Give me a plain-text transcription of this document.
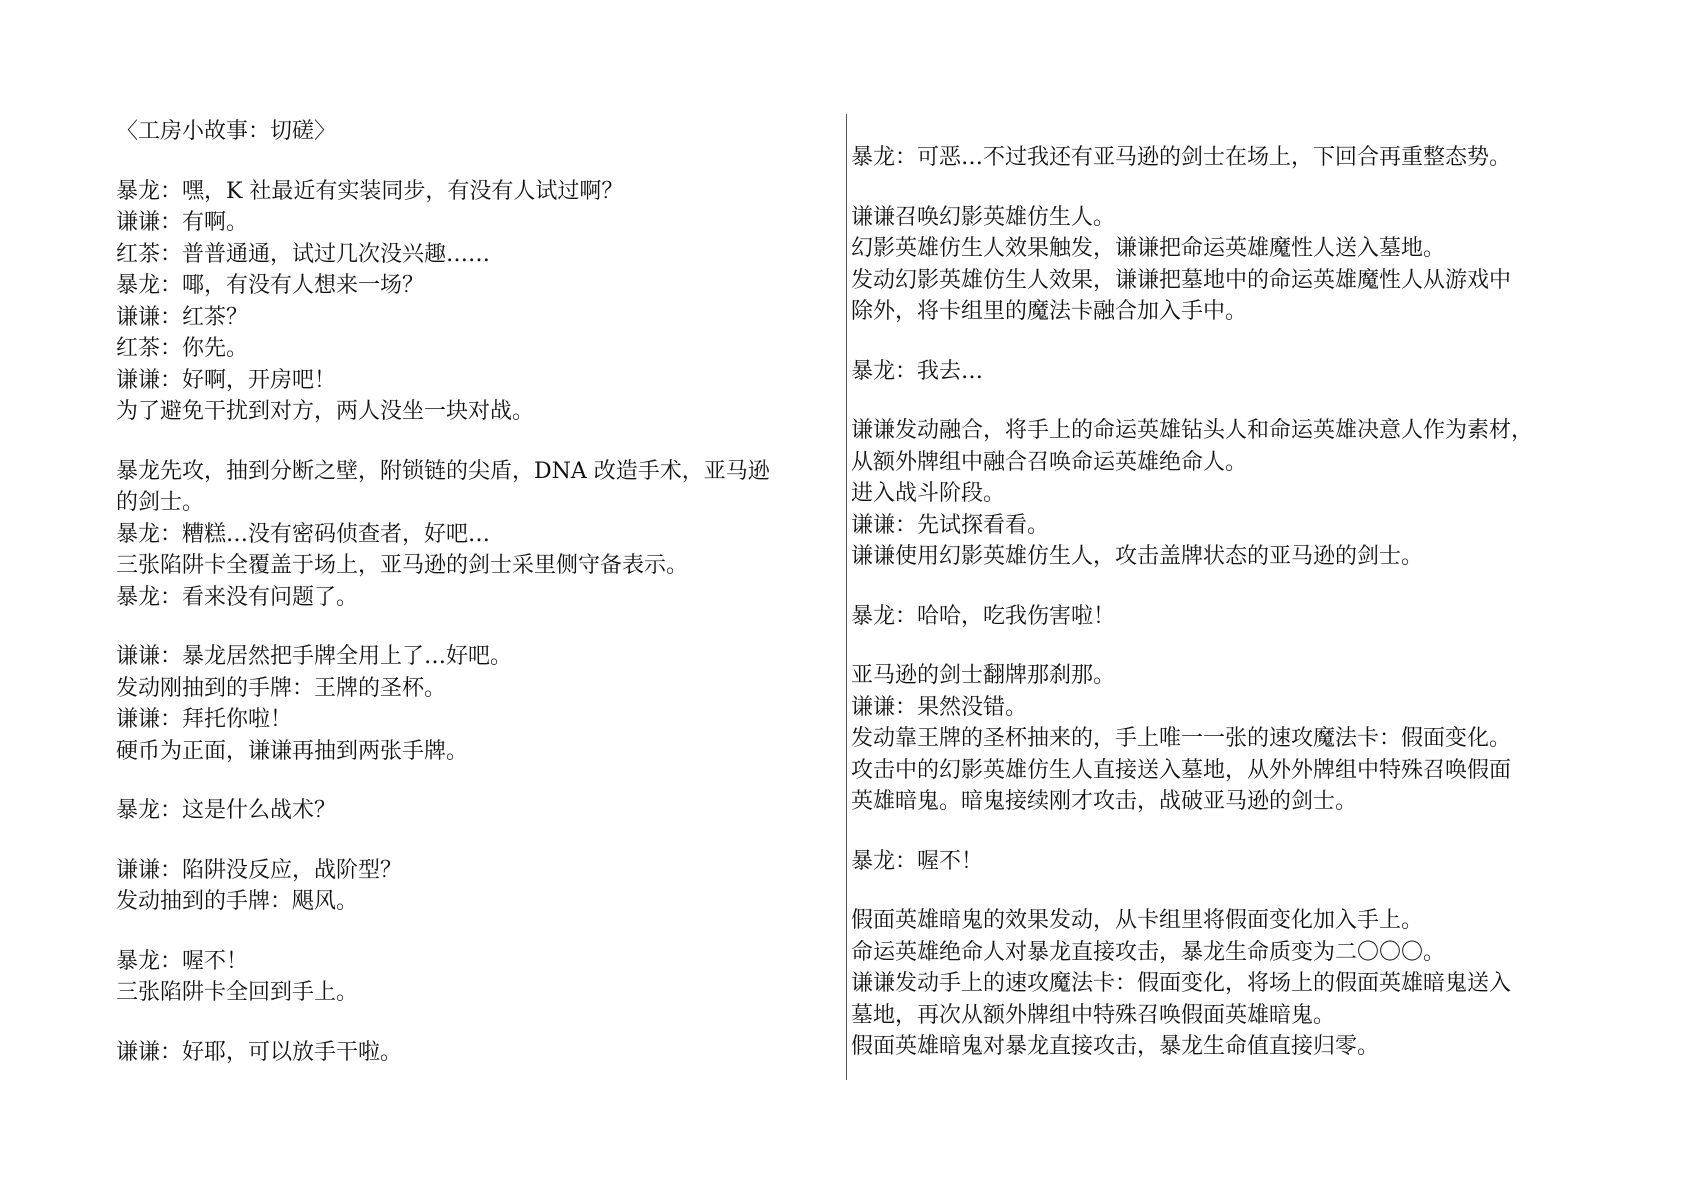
〈工房小故事：切磋〉
暴龙：嘿，K 社最近有实装同步，有没有人试过啊？
谦谦：有啊。
红茶：普普通通，试过几次没兴趣……
暴龙：㖿，有没有人想来一场？
谦谦：红茶？
红茶：你先。
谦谦：好啊，开房吧！
为了避免干扰到对方，两人没坐一块对战。
暴龙先攻，抽到分断之壁，附锁链的尖盾，DNA 改造手术，亚马逊
的剑士。
暴龙：糟糕…没有密码侦查者，好吧…
三张陷阱卡全覆盖于场上，亚马逊的剑士采里侧守备表示。
暴龙：看来没有问题了。
谦谦：暴龙居然把手牌全用上了…好吧。
发动刚抽到的手牌：王牌的圣杯。
谦谦：拜托你啦！
硬币为正面，谦谦再抽到两张手牌。
暴龙：这是什么战术？
谦谦：陷阱没反应，战阶型？
发动抽到的手牌：飓风。
暴龙：喔不！
三张陷阱卡全回到手上。
谦谦：好耶，可以放手干啦。
暴龙：可恶…不过我还有亚马逊的剑士在场上，下回合再重整态势。
谦谦召唤幻影英雄仿生人。
幻影英雄仿生人效果触发，谦谦把命运英雄魔性人送入墓地。
发动幻影英雄仿生人效果，谦谦把墓地中的命运英雄魔性人从游戏中
除外，将卡组里的魔法卡融合加入手中。
暴龙：我去…
谦谦发动融合，将手上的命运英雄钻头人和命运英雄决意人作为素材，
从额外牌组中融合召唤命运英雄绝命人。
进入战斗阶段。
谦谦：先试探看看。
谦谦使用幻影英雄仿生人，攻击盖牌状态的亚马逊的剑士。
暴龙：哈哈，吃我伤害啦！
亚马逊的剑士翻牌那刹那。
谦谦：果然没错。
发动靠王牌的圣杯抽来的，手上唯一一张的速攻魔法卡：假面变化。
攻击中的幻影英雄仿生人直接送入墓地，从外外牌组中特殊召唤假面
英雄暗鬼。暗鬼接续刚才攻击，战破亚马逊的剑士。
暴龙：喔不！
假面英雄暗鬼的效果发动，从卡组里将假面变化加入手上。
命运英雄绝命人对暴龙直接攻击，暴龙生命质变为二〇〇〇。
谦谦发动手上的速攻魔法卡：假面变化，将场上的假面英雄暗鬼送入
墓地，再次从额外牌组中特殊召唤假面英雄暗鬼。
假面英雄暗鬼对暴龙直接攻击，暴龙生命值直接归零。
